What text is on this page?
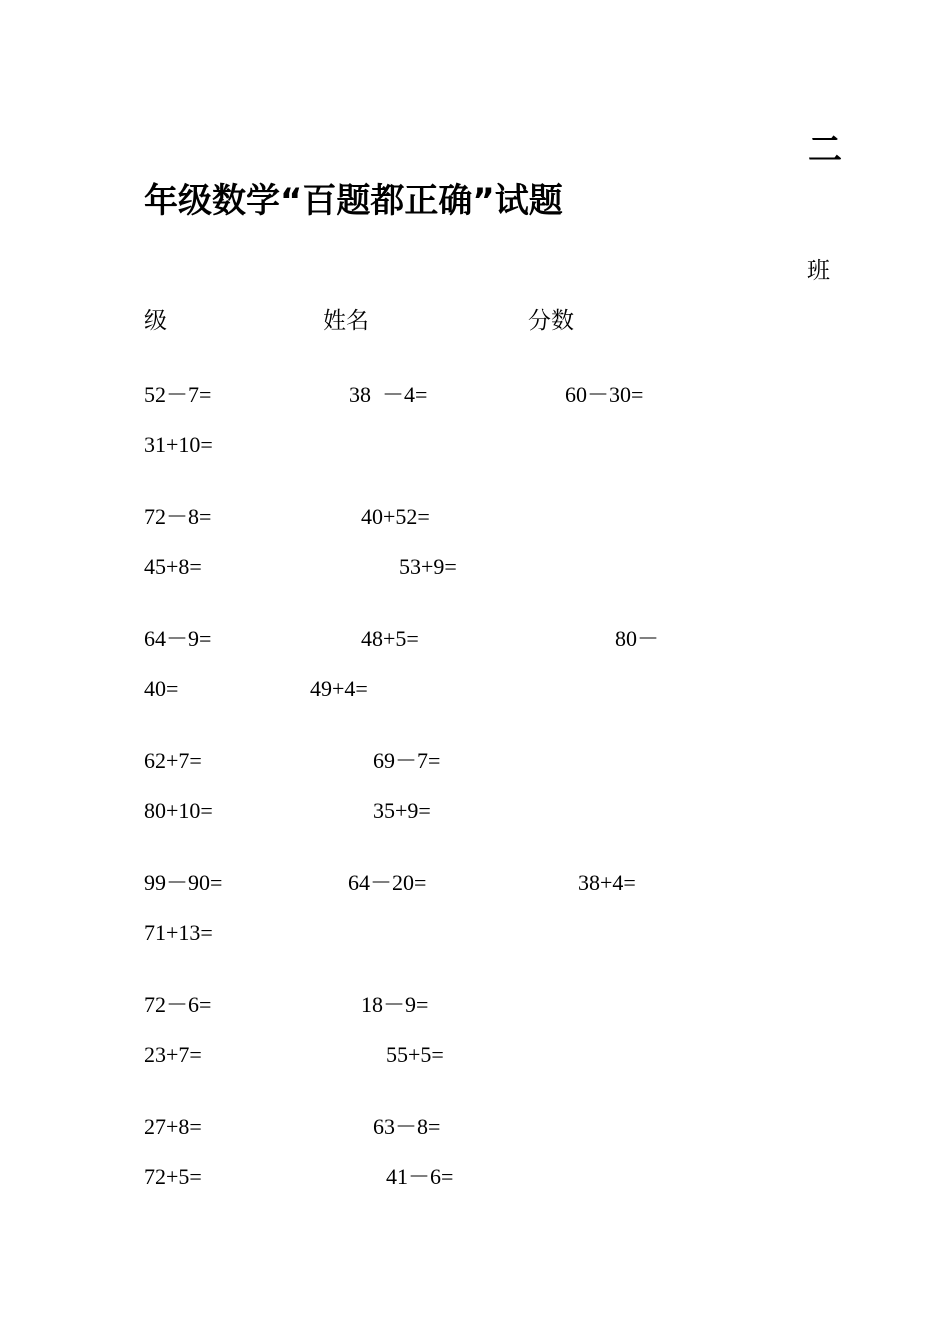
二
年级数学“百题都正确”试题
班
级	姓名	分数
52－7=	38  －4=	60－30=
31+10=
72－8=	40+52=
45+8=	53+9=
64－9=	48+5=	80－
40=	49+4=
62+7=	69－7=
80+10=	35+9=
99－90=	64－20=	38+4=
71+13=
72－6=	18－9=
23+7=	55+5=
27+8=	63－8=
72+5=	41－6=
